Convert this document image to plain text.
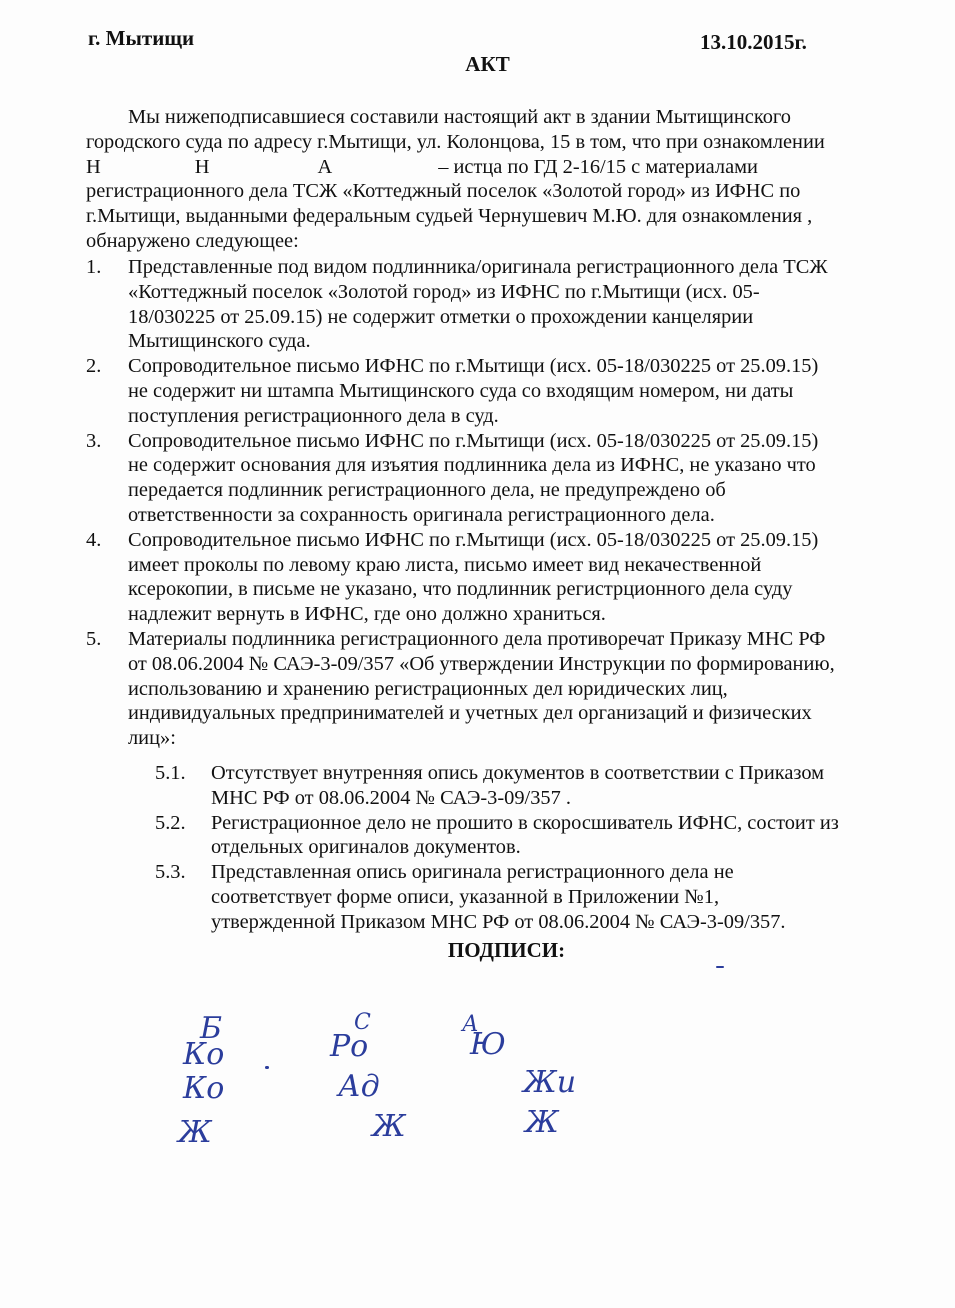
г. Мытищи	13.10.2015г.
АКТ

Мы нижеподписавшиеся составили настоящий акт в здании Мытищинского

городского суда по адресу г.Мытищи, ул. Колонцова, 15 в том, что при ознакомлении
Н	Н	А	– истца по ГД 2-16/15 с материалами
регистрационного дела ТСЖ «Коттеджный поселок «Золотой город» из ИФНС по
г.Мытищи, выданными федеральным судьей Чернушевич М.Ю. для ознакомления ,
обнаружено следующее:
1. Представленные под видом подлинника/оригинала регистрационного дела ТСЖ
«Коттеджный поселок «Золотой город» из ИФНС по г.Мытищи (исх. 05-
18/030225 от 25.09.15) не содержит отметки о прохождении канцелярии
Мытищинского суда.
2. Сопроводительное письмо ИФНС по г.Мытищи (исх. 05-18/030225 от 25.09.15)
не содержит ни штампа Мытищинского суда со входящим номером, ни даты
поступления регистрационного дела в суд.
3. Сопроводительное письмо ИФНС по г.Мытищи (исх. 05-18/030225 от 25.09.15)
не содержит основания для изъятия подлинника дела из ИФНС, не указано что
передается подлинник регистрационного дела, не предупреждено об
ответственности за сохранность оригинала регистрационного дела.
4. Сопроводительное письмо ИФНС по г.Мытищи (исх. 05-18/030225 от 25.09.15)
имеет проколы по левому краю листа, письмо имеет вид некачественной
ксерокопии, в письме не указано, что подлинник регистрционного дела суду
надлежит вернуть в ИФНС, где оно должно храниться.
5. Материалы подлинника регистрационного дела противоречат Приказу МНС РФ
от 08.06.2004 № САЭ-3-09/357 «Об утверждении Инструкции по формированию,
использованию и хранению регистрационных дел юридических лиц,
индивидуальных предпринимателей и учетных дел организаций и физических
лиц»:
5.1. Отсутствует внутренняя опись документов в соответствии с Приказом
МНС РФ от 08.06.2004 № САЭ-3-09/357 .
5.2. Регистрационное дело не прошито в скоросшиватель ИФНС, состоит из
отдельных оригиналов документов.
5.3. Представленная опись оригинала регистрационного дела не
соответствует форме описи, указанной в Приложении №1,
утвержденной Приказом МНС РФ от 08.06.2004 № САЭ-3-09/357.
ПОДПИСИ:
Б	С	А
Ко	Ро	Ю
Ко	Ад	Жи
Ж	Ж	Ж
